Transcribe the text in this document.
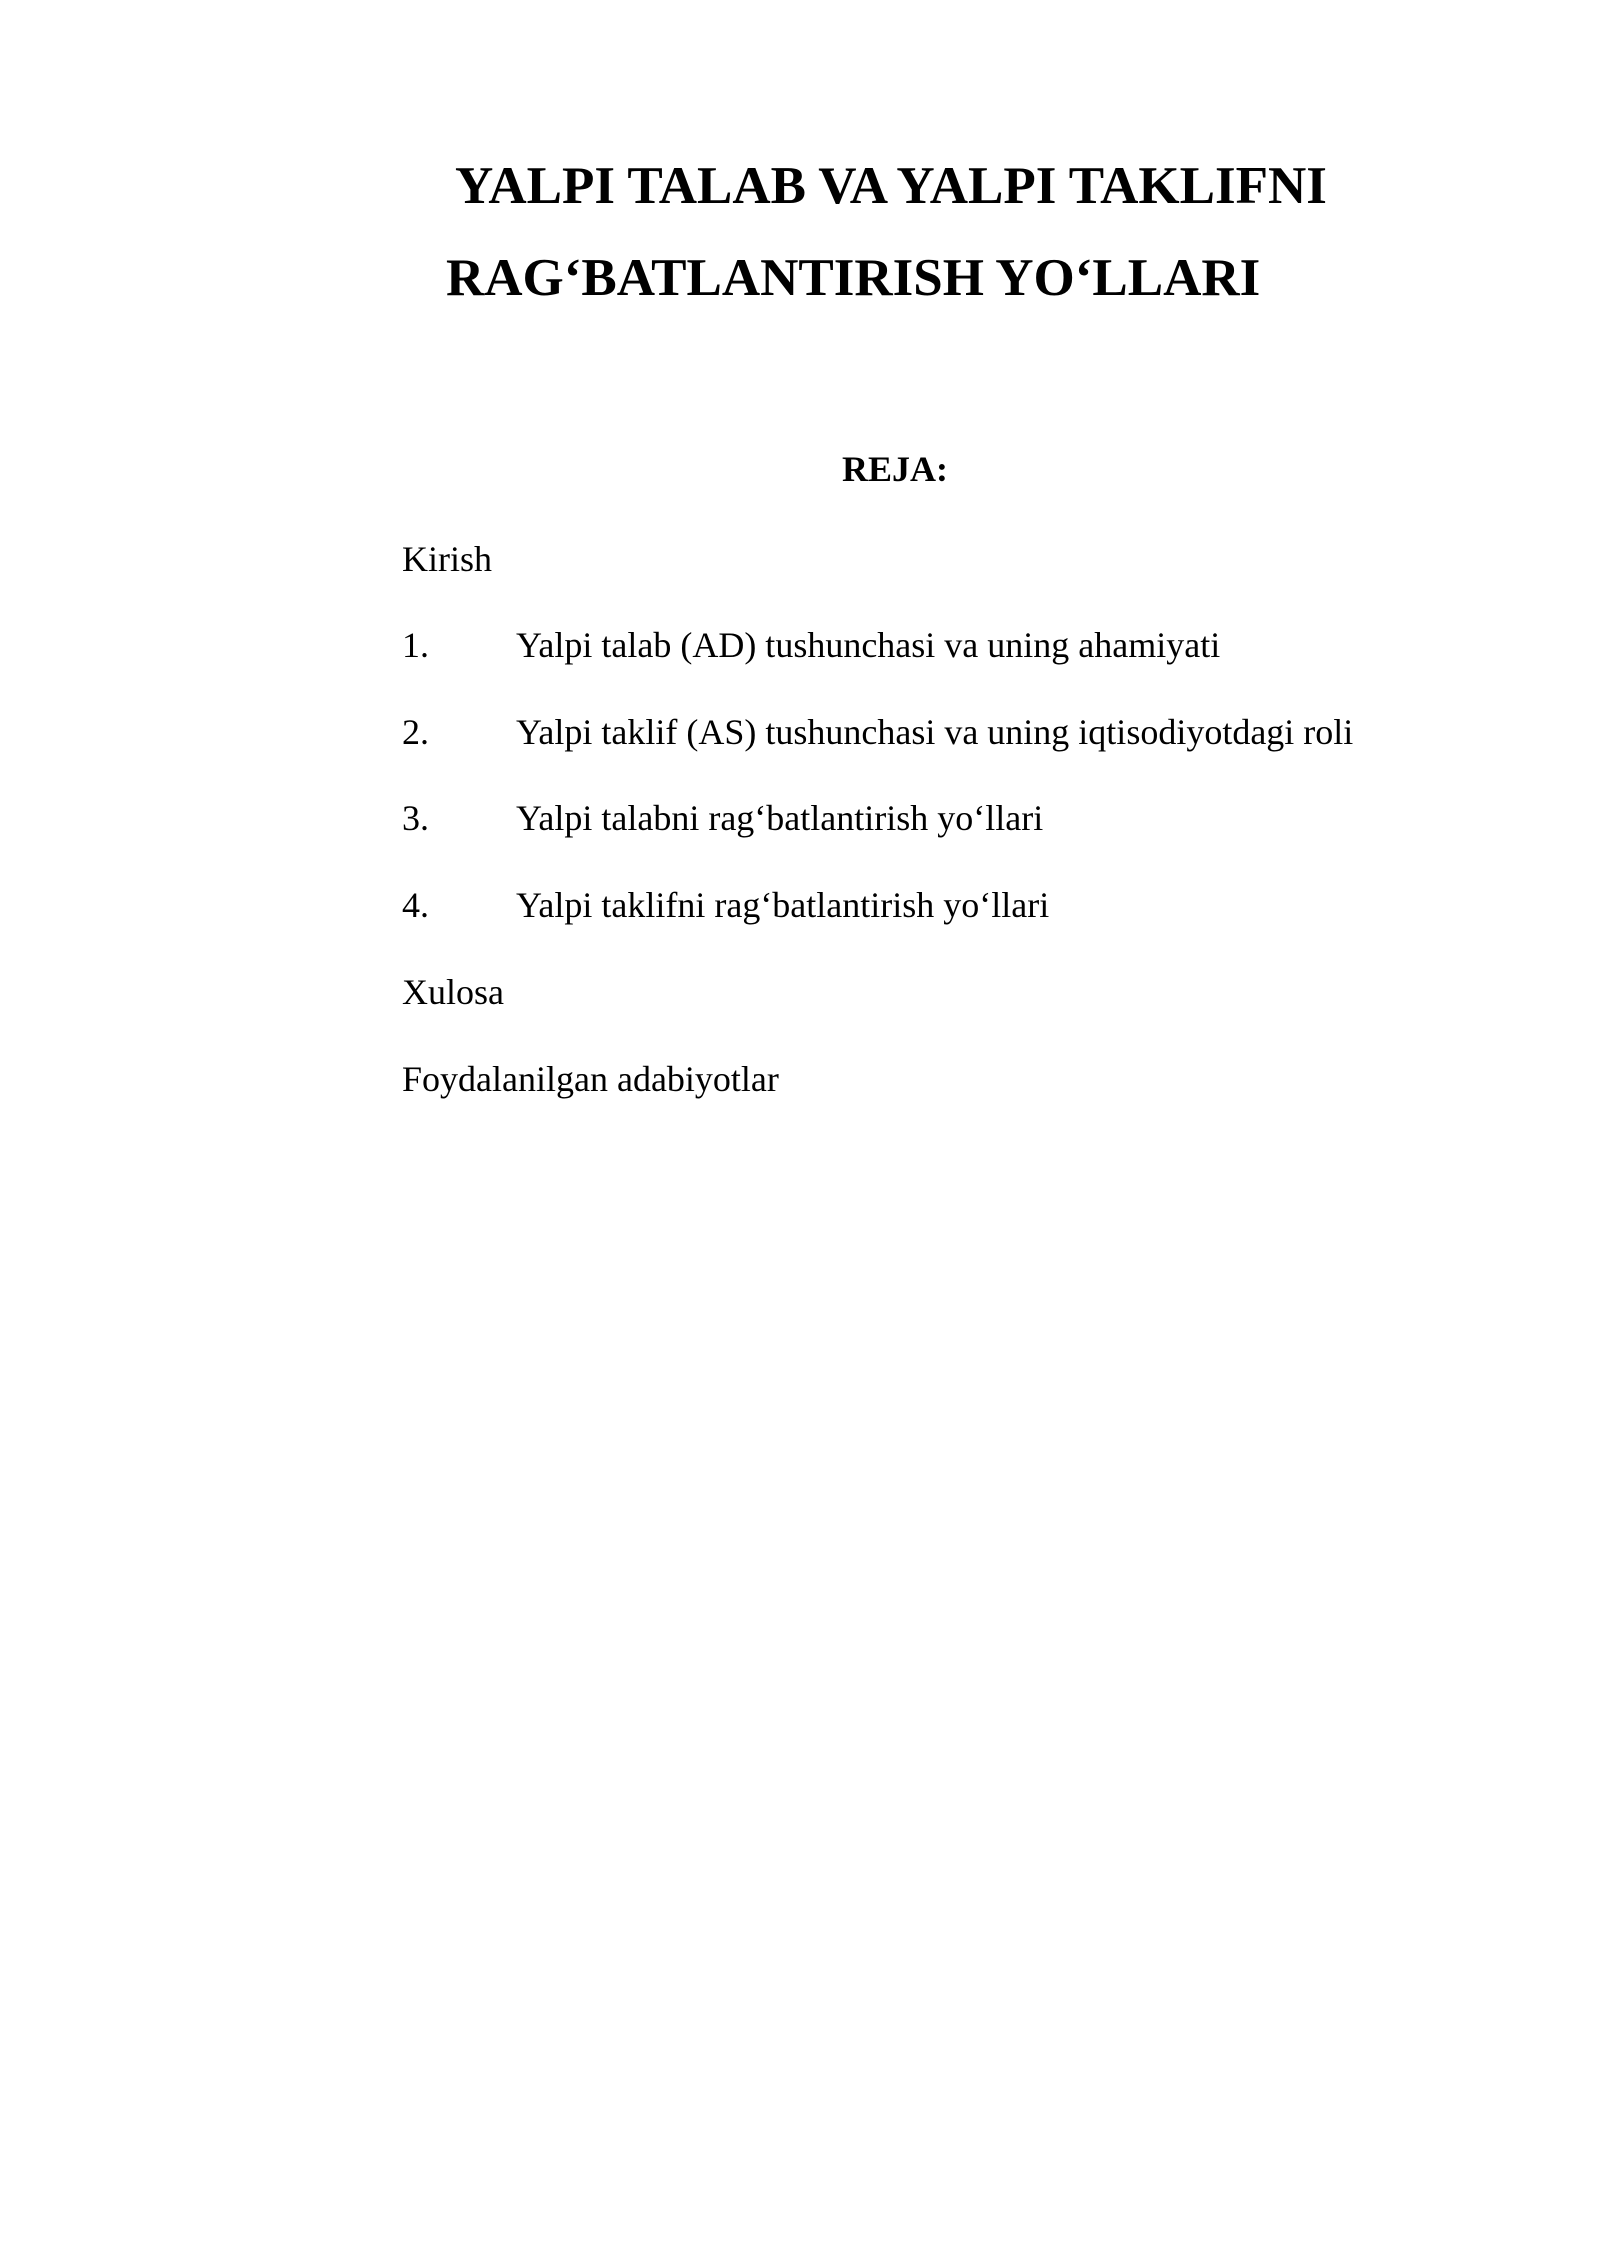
YALPI TALAB VA YALPI TAKLIFNI
RAG‘BATLANTIRISH YO‘LLARI
REJA:
Kirish
1. Yalpi talab (AD) tushunchasi va uning ahamiyati
2. Yalpi taklif (AS) tushunchasi va uning iqtisodiyotdagi roli
3. Yalpi talabni rag‘batlantirish yo‘llari
4. Yalpi taklifni rag‘batlantirish yo‘llari
Xulosa
Foydalanilgan adabiyotlar
